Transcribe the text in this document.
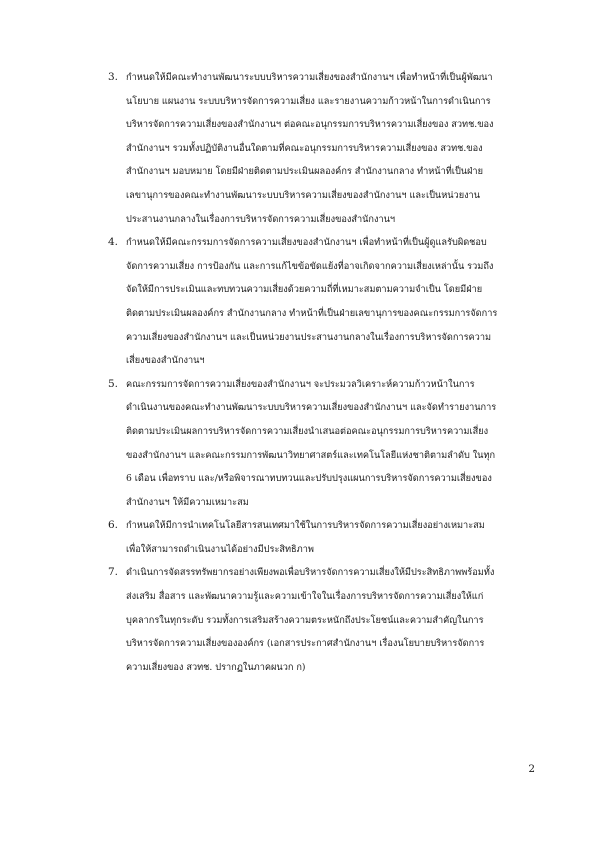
3. กำหนดให้มีคณะทำงานพัฒนาระบบบริหารความเสี่ยงของสำนักงานฯ เพื่อทำหน้าที่เป็นผู้พัฒนา
นโยบาย แผนงาน ระบบบริหารจัดการความเสี่ยง และรายงานความก้าวหน้าในการดำเนินการ
บริหารจัดการความเสี่ยงของสำนักงานฯ ต่อคณะอนุกรรมการบริหารความเสี่ยงของ สวทช.ของ
สำนักงานฯ รวมทั้งปฏิบัติงานอื่นใดตามที่คณะอนุกรรมการบริหารความเสี่ยงของ สวทช.ของ
สำนักงานฯ มอบหมาย โดยมีฝ่ายติดตามประเมินผลองค์กร สำนักงานกลาง ทำหน้าที่เป็นฝ่าย
เลขานุการของคณะทำงานพัฒนาระบบบริหารความเสี่ยงของสำนักงานฯ และเป็นหน่วยงาน
ประสานงานกลางในเรื่องการบริหารจัดการความเสี่ยงของสำนักงานฯ
4. กำหนดให้มีคณะกรรมการจัดการความเสี่ยงของสำนักงานฯ เพื่อทำหน้าที่เป็นผู้ดูแลรับผิดชอบ
จัดการความเสี่ยง การป้องกัน และการแก้ไขข้อขัดแย้งที่อาจเกิดจากความเสี่ยงเหล่านั้น รวมถึง
จัดให้มีการประเมินและทบทวนความเสี่ยงด้วยความถี่ที่เหมาะสมตามความจำเป็น โดยมีฝ่าย
ติดตามประเมินผลองค์กร สำนักงานกลาง ทำหน้าที่เป็นฝ่ายเลขานุการของคณะกรรมการจัดการ
ความเสี่ยงของสำนักงานฯ และเป็นหน่วยงานประสานงานกลางในเรื่องการบริหารจัดการความ
เสี่ยงของสำนักงานฯ
5. คณะกรรมการจัดการความเสี่ยงของสำนักงานฯ จะประมวลวิเคราะห์ความก้าวหน้าในการ
ดำเนินงานของคณะทำงานพัฒนาระบบบริหารความเสี่ยงของสำนักงานฯ และจัดทำรายงานการ
ติดตามประเมินผลการบริหารจัดการความเสี่ยงนำเสนอต่อคณะอนุกรรมการบริหารความเสี่ยง
ของสำนักงานฯ และคณะกรรมการพัฒนาวิทยาศาสตร์และเทคโนโลยีแห่งชาติตามลำดับ ในทุก
6 เดือน เพื่อทราบ และ/หรือพิจารณาทบทวนและปรับปรุงแผนการบริหารจัดการความเสี่ยงของ
สำนักงานฯ ให้มีความเหมาะสม
6. กำหนดให้มีการนำเทคโนโลยีสารสนเทศมาใช้ในการบริหารจัดการความเสี่ยงอย่างเหมาะสม
เพื่อให้สามารถดำเนินงานได้อย่างมีประสิทธิภาพ
7. ดำเนินการจัดสรรทรัพยากรอย่างเพียงพอเพื่อบริหารจัดการความเสี่ยงให้มีประสิทธิภาพพร้อมทั้ง
ส่งเสริม สื่อสาร และพัฒนาความรู้และความเข้าใจในเรื่องการบริหารจัดการความเสี่ยงให้แก่
บุคลากรในทุกระดับ รวมทั้งการเสริมสร้างความตระหนักถึงประโยชน์และความสำคัญในการ
บริหารจัดการความเสี่ยงขององค์กร (เอกสารประกาศสำนักงานฯ เรื่องนโยบายบริหารจัดการ
ความเสี่ยงของ สวทช. ปรากฏในภาคผนวก ก)
2
